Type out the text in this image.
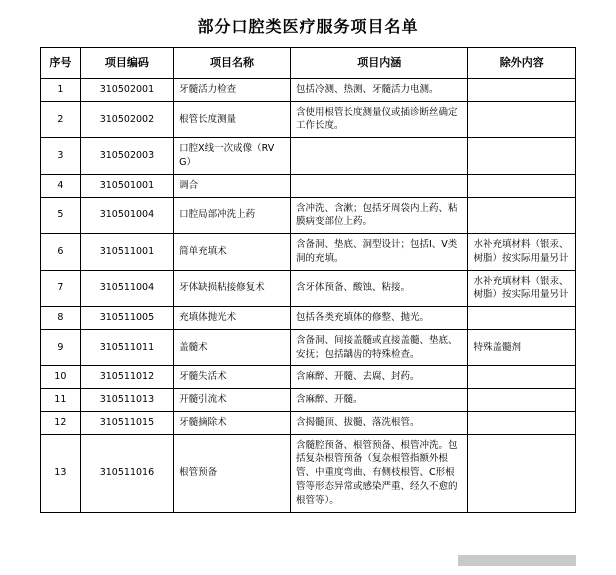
部分口腔类医疗服务项目名单
序号	项目编码	项目名称	项目内涵	除外内容
1	310502001	牙髓活力检查	包括冷测、热测、牙髓活力电测。	
2	310502002	根管长度测量	含使用根管长度测量仪或插诊断丝确定工作长度。	
3	310502003	口腔X线一次成像（RVG）		
4	310501001	调合		
5	310501004	口腔局部冲洗上药	含冲洗、含漱；包括牙周袋内上药、粘膜病变部位上药。	
6	310511001	简单充填术	含备洞、垫底、洞型设计；包括I、V类洞的充填。	水补充填材料（银汞、树脂）按实际用量另计
7	310511004	牙体缺损粘接修复术	含牙体预备、酸蚀、粘接。	水补充填材料（银汞、树脂）按实际用量另计
8	310511005	充填体抛光术	包括各类充填体的修整、抛光。	
9	310511011	盖髓术	含备洞、间接盖髓或直接盖髓、垫底、安抚；包括龋齿的特殊检查。	特殊盖髓剂
10	310511012	牙髓失活术	含麻醉、开髓、去腐、封药。	
11	310511013	开髓引流术	含麻醉、开髓。	
12	310511015	牙髓摘除术	含揭髓顶、拔髓、落洗根管。	
13	310511016	根管预备	含髓腔预备、根管预备、根管冲洗。包括复杂根管预备（复杂根管指额外根管、中重度弯曲、有侧枝根管、C形根管等形态异常或感染严重、经久不愈的根管等）。	
